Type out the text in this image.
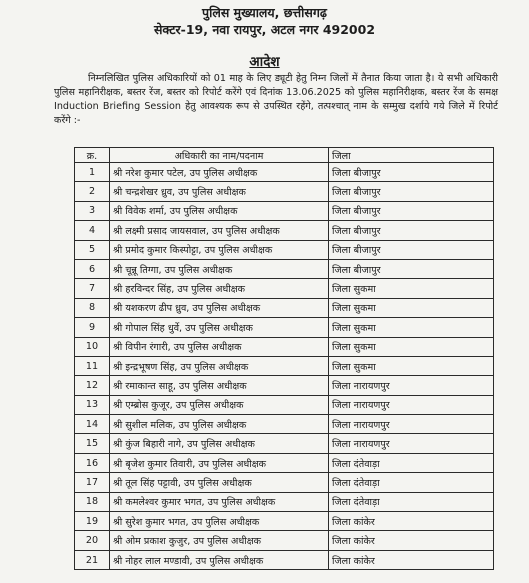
पुलिस मुख्यालय, छत्तीसगढ़
सेक्टर-19, नवा रायपुर, अटल नगर 492002
आदेश

निम्नलिखित पुलिस अधिकारियों को 01 माह के लिए ड्यूटी हेतु निम्न जिलों में तैनात किया जाता है। ये सभी अधिकारी पुलिस महानिरीक्षक, बस्तर रेंज, बस्तर को रिपोर्ट करेंगे एवं दिनांक 13.06.2025 को पुलिस महानिरीक्षक, बस्तर रेंज के समक्ष Induction Briefing Session हेतु आवश्यक रूप से उपस्थित रहेंगे, तत्पश्चात् नाम के सम्मुख दर्शाये गये जिले में रिपोर्ट करेंगे :-

क्र.	अधिकारी का नाम/पदनाम	जिला
1	श्री नरेश कुमार पटेल, उप पुलिस अधीक्षक	जिला बीजापुर
2	श्री चन्द्रशेखर ध्रुव, उप पुलिस अधीक्षक	जिला बीजापुर
3	श्री विवेक शर्मा, उप पुलिस अधीक्षक	जिला बीजापुर
4	श्री लक्ष्मी प्रसाद जायसवाल, उप पुलिस अधीक्षक	जिला बीजापुर
5	श्री प्रमोद कुमार किस्पोट्टा, उप पुलिस अधीक्षक	जिला बीजापुर
6	श्री चून्नू तिग्गा, उप पुलिस अधीक्षक	जिला बीजापुर
7	श्री हरविन्दर सिंह, उप पुलिस अधीक्षक	जिला सुकमा
8	श्री यशकरण ढीप ध्रुव, उप पुलिस अधीक्षक	जिला सुकमा
9	श्री गोपाल सिंह धुर्वे, उप पुलिस अधीक्षक	जिला सुकमा
10	श्री विपीन रंगारी, उप पुलिस अधीक्षक	जिला सुकमा
11	श्री इन्द्रभूषण सिंह, उप पुलिस अधीक्षक	जिला सुकमा
12	श्री रमाकान्त साहू, उप पुलिस अधीक्षक	जिला नारायणपुर
13	श्री एम्ब्रोस कुजूर, उप पुलिस अधीक्षक	जिला नारायणपुर
14	श्री सुशील मलिक, उप पुलिस अधीक्षक	जिला नारायणपुर
15	श्री कुंज बिहारी नागे, उप पुलिस अधीक्षक	जिला नारायणपुर
16	श्री बृजेश कुमार तिवारी, उप पुलिस अधीक्षक	जिला दंतेवाड़ा
17	श्री तूल सिंह पट्टावी, उप पुलिस अधीक्षक	जिला दंतेवाड़ा
18	श्री कमलेश्वर कुमार भगत, उप पुलिस अधीक्षक	जिला दंतेवाड़ा
19	श्री सुरेश कुमार भगत, उप पुलिस अधीक्षक	जिला कांकेर
20	श्री ओम प्रकाश कुजुर, उप पुलिस अधीक्षक	जिला कांकेर
21	श्री नोहर लाल मण्डावी, उप पुलिस अधीक्षक	जिला कांकेर
